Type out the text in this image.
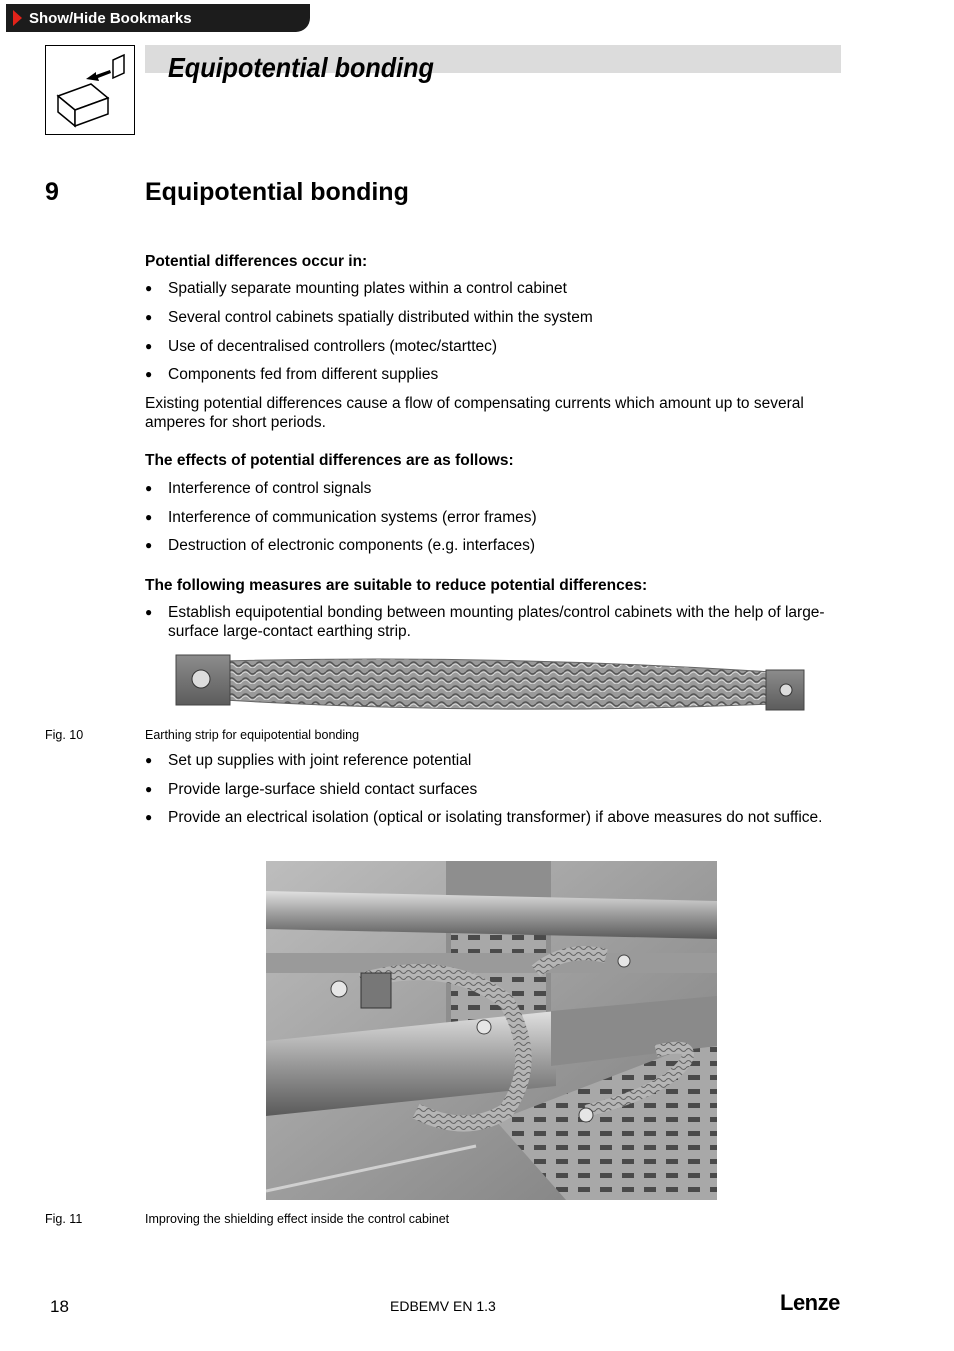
Show/Hide Bookmarks
Equipotential bonding
9	Equipotential bonding
Potential differences occur in:
● Spatially separate mounting plates within a control cabinet
● Several control cabinets spatially distributed within the system
● Use of decentralised controllers (motec/starttec)
● Components fed from different supplies
Existing potential differences cause a flow of compensating currents which amount up to several amperes for short periods.
The effects of potential differences are as follows:
● Interference of control signals
● Interference of communication systems (error frames)
● Destruction of electronic components (e.g. interfaces)
The following measures are suitable to reduce potential differences:
● Establish equipotential bonding between mounting plates/control cabinets with the help of large-surface large-contact earthing strip.
Fig. 10	Earthing strip for equipotential bonding
● Set up supplies with joint reference potential
● Provide large-surface shield contact surfaces
● Provide an electrical isolation (optical or isolating transformer) if above measures do not suffice.
Fig. 11	Improving the shielding effect inside the control cabinet
18	EDBEMV EN 1.3	Lenze
